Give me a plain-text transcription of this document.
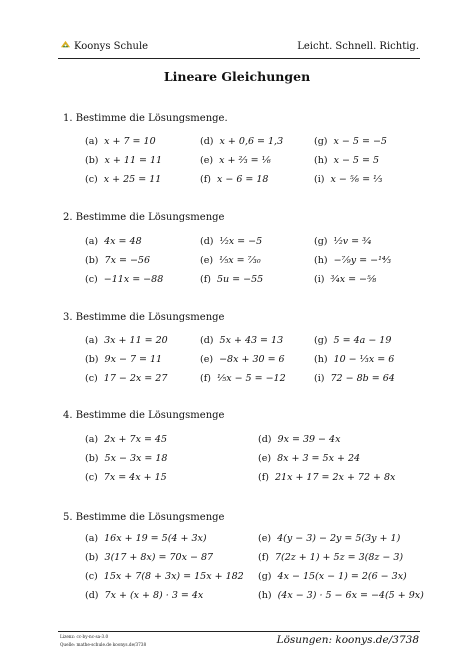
Koonys Schule	Leicht. Schnell. Richtig.
Lineare Gleichungen
1. Bestimme die Lösungsmenge.
(a) x + 7 = 10
(b) x + 11 = 11
(c) x + 25 = 11
(d) x + 0,6 = 1,3
(e) x + ²⁄₃ = ¹⁄₆
(f) x − 6 = 18
(g) x − 5 = −5
(h) x − 5 = 5
(i) x − ⁵⁄₆ = ¹⁄₃
2. Bestimme die Lösungsmenge
(a) 4x = 48
(b) 7x = −56
(c) −11x = −88
(d) ¹⁄₂x = −5
(e) ¹⁄₅x = ⁷⁄₃₀
(f) 5u = −55
(g) ¹⁄₂v = ³⁄₄
(h) −⁷⁄₉y = −¹⁴⁄₃
(i) ³⁄₄x = −⁵⁄₈
3. Bestimme die Lösungsmenge
(a) 3x + 11 = 20
(b) 9x − 7 = 11
(c) 17 − 2x = 27
(d) 5x + 43 = 13
(e) −8x + 30 = 6
(f) ¹⁄₅x − 5 = −12
(g) 5 = 4a − 19
(h) 10 − ¹⁄₃x = 6
(i) 72 − 8b = 64
4. Bestimme die Lösungsmenge
(a) 2x + 7x = 45
(b) 5x − 3x = 18
(c) 7x = 4x + 15
(d) 9x = 39 − 4x
(e) 8x + 3 = 5x + 24
(f) 21x + 17 = 2x + 72 + 8x
5. Bestimme die Lösungsmenge
(a) 16x + 19 = 5(4 + 3x)
(b) 3(17 + 8x) = 70x − 87
(c) 15x + 7(8 + 3x) = 15x + 182
(d) 7x + (x + 8) · 3 = 4x
(e) 4(y − 3) − 2y = 5(3y + 1)
(f) 7(2z + 1) + 5z = 3(8z − 3)
(g) 4x − 15(x − 1) = 2(6 − 3x)
(h) (4x − 3) · 5 − 6x = −4(5 + 9x)
Lizenz: cc-by-nc-sa-3.0
Quelle: mathe-schule.de koonys.de/3738	Lösungen: koonys.de/3738
